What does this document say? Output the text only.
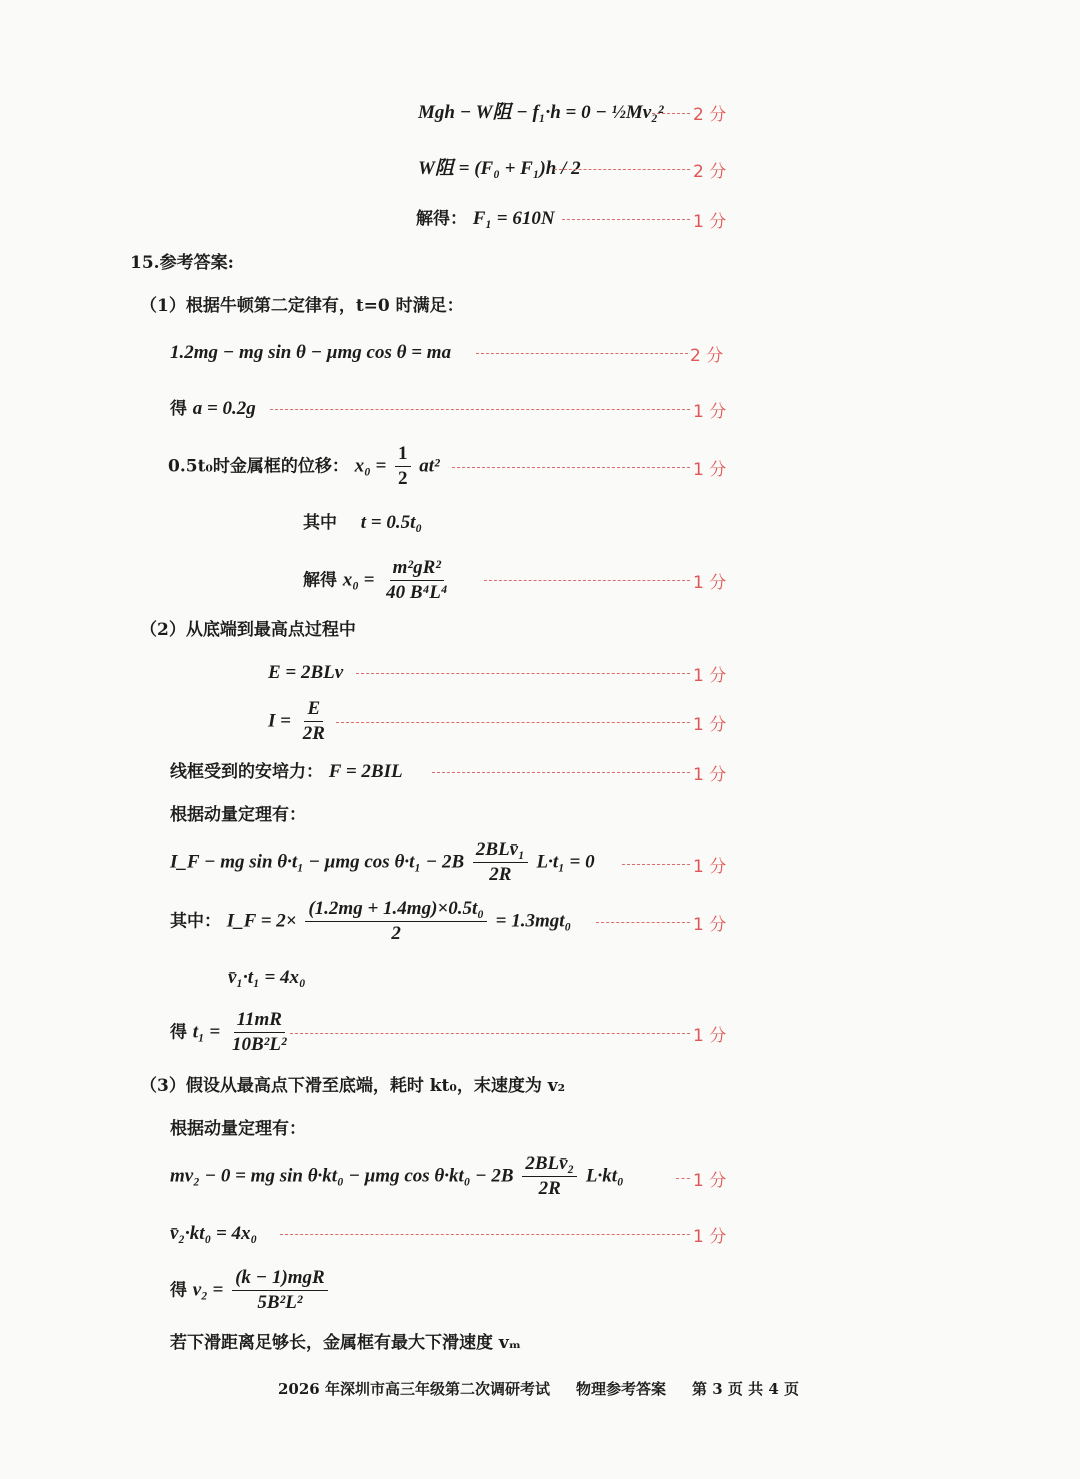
Mgh − W阻 − f₁·h = 0 − ½Mv₂² 2 分
W阻 = (F₀ + F₁)h / 2	2 分
解得： F₁ = 610N	1 分
15.参考答案:
（1）根据牛顿第二定律有，t=0 时满足：
1.2mg − mg sin θ − μmg cos θ = ma	2 分
得 a = 0.2g	1 分
0.5t₀时金属框的位移： $x_0 = \frac{1}{2} at^2$	1 分
其中 t = 0.5t₀
解得 $x_0 = \frac{\text{m²gR²}}{\text{40 B⁴L⁴}}$	1 分
（2）从底端到最高点过程中
E = 2BLv	1 分
$I = \frac{E}{2R}$	1 分
线框受到的安培力： F = 2BIL	1 分
根据动量定理有：
I_F − mg sin θ·t₁ − μmg $\cos \theta\cdot t_1 - 2B \frac{\text{2BLv̄₁}}{2R} L\cdot t_1 = 0$	1 分
其中： I_F = $2\times \frac{\text{(1.2mg + 1.4mg)×0.5t₀}}{2} = 1.3mgt_0$	1 分
v̄₁·t₁ = 4x₀
得 $t_1 = \frac{11mR}{\text{10B²L²}}$	1 分
（3）假设从最高点下滑至底端，耗时 kt₀，末速度为 v₂
根据动量定理有：
mv₂ − 0 = mg sin θ·kt₀ − μmg $\cos \theta\cdot kt_0 - 2B \frac{\text{2BLv̄₂}}{2R} L\cdot kt_0$	1 分
v̄₂·kt₀ = 4x₀	1 分
得 $v_2 = \frac{\text{(k − 1)mgR}}{\text{5B²L²}}$
若下滑距离足够长，金属框有最大下滑速度 vₘ
2026 年深圳市高三年级第二次调研考试 物理参考答案 第 3 页 共 4 页
